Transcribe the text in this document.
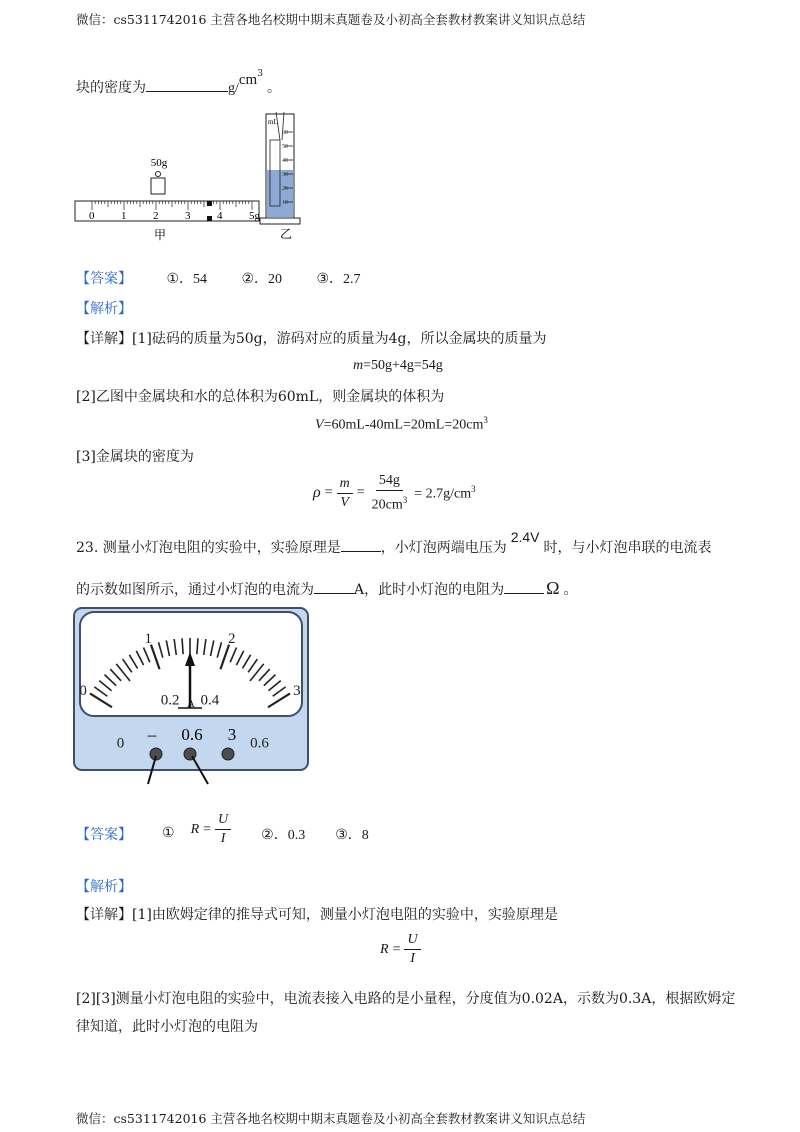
微信：cs5311742016 主营各地名校期中期末真题卷及小初高全套教材教案讲义知识点总结
块的密度为	$g/cm^3$。
50g
0 1 2 3 4 5g
甲
mL
60
50
40
30
20
10
乙
【答案】 ①．54 ②．20 ③．2.7
【解析】
【详解】[1]砝码的质量为50g，游码对应的质量为4g，所以金属块的质量为
m=50g+4g=54g
[2]乙图中金属块和水的总体积为60mL，则金属块的体积为
$V=60mL-40mL=20mL=20cm^3$
[3]金属块的密度为
$\rho = \frac{m}{V} = \frac{54g}{20cm^3} = 2.7g/cm^3$
23. 测量小灯泡电阻的实验中，实验原理是	，小灯泡两端电压为2.4V时，与小灯泡串联的电流表
的示数如图所示，通过小灯泡的电流为	A，此时小灯泡的电阻为 Ω 。
0
1	2
3
0
0.2 0.4
0.6
A
– 0.6 3
【答案】 ① $R = \frac{U}{I}$ ②．0.3 ③．8
【解析】
【详解】[1]由欧姆定律的推导式可知，测量小灯泡电阻的实验中，实验原理是
$R = \frac{U}{I}$
[2][3]测量小灯泡电阻的实验中，电流表接入电路的是小量程，分度值为0.02A，示数为0.3A，根据欧姆定
律知道，此时小灯泡的电阻为
微信：cs5311742016 主营各地名校期中期末真题卷及小初高全套教材教案讲义知识点总结
